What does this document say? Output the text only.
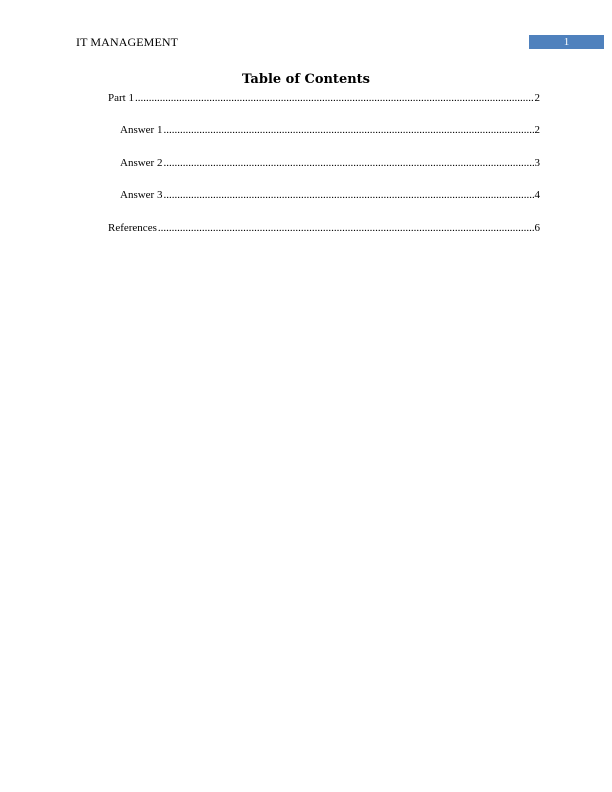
IT MANAGEMENT	1
Table of Contents
Part 1 .....	2
Answer 1 .....	2
Answer 2 .....	3
Answer 3 .....	4
References .....	6
